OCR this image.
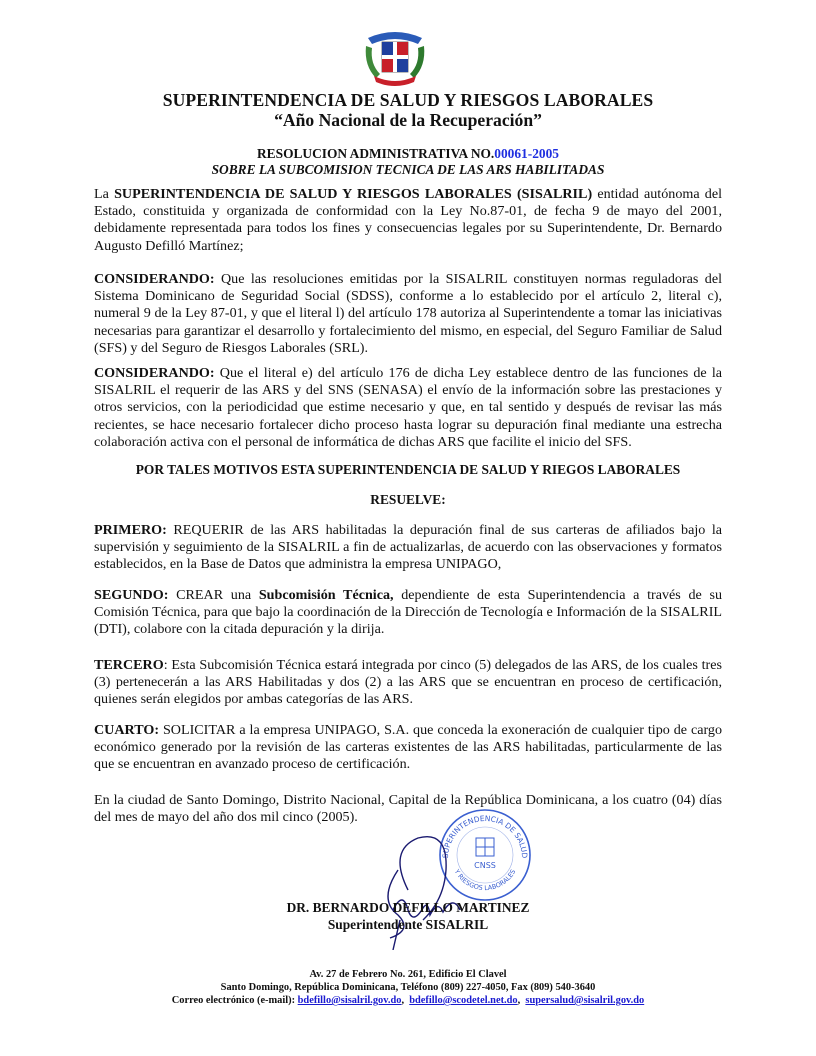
SUPERINTENDENCIA DE SALUD Y RIESGOS LABORALES
“Año Nacional de la Recuperación”
RESOLUCION ADMINISTRATIVA NO.00061-2005
SOBRE LA SUBCOMISION TECNICA DE LAS ARS HABILITADAS

La SUPERINTENDENCIA DE SALUD Y RIESGOS LABORALES (SISALRIL) entidad autónoma del Estado, constituida y organizada de conformidad con la Ley No.87-01, de fecha 9 de mayo del 2001, debidamente representada para todos los fines y consecuencias legales por su Superintendente, Dr. Bernardo Augusto Defilló Martínez;

CONSIDERANDO: Que las resoluciones emitidas por la SISALRIL constituyen normas reguladoras del Sistema Dominicano de Seguridad Social (SDSS), conforme a lo establecido por el artículo 2, literal c), numeral 9 de la Ley 87-01, y que el literal l) del artículo 178 autoriza al Superintendente a tomar las iniciativas necesarias para garantizar el desarrollo y fortalecimiento del mismo, en especial, del Seguro Familiar de Salud (SFS) y del Seguro de Riesgos Laborales (SRL).

CONSIDERANDO: Que el literal e) del artículo 176 de dicha Ley establece dentro de las funciones de la SISALRIL el requerir de las ARS y del SNS (SENASA) el envío de la información sobre las prestaciones y otros servicios, con la periodicidad que estime necesario y que, en tal sentido y después de revisar las más recientes, se hace necesario fortalecer dicho proceso hasta lograr su depuración final mediante una estrecha colaboración activa con el personal de informática de dichas ARS que facilite el inicio del SFS.

POR TALES MOTIVOS ESTA SUPERINTENDENCIA DE SALUD Y RIEGOS LABORALES
RESUELVE:

PRIMERO: REQUERIR de las ARS habilitadas la depuración final de sus carteras de afiliados bajo la supervisión y seguimiento de la SISALRIL a fin de actualizarlas, de acuerdo con las observaciones y formatos establecidos, en la Base de Datos que administra la empresa UNIPAGO,

SEGUNDO: CREAR una Subcomisión Técnica, dependiente de esta Superintendencia a través de su Comisión Técnica, para que bajo la coordinación de la Dirección de Tecnología e Información de la SISALRIL (DTI), colabore con la citada depuración y la dirija.

TERCERO: Esta Subcomisión Técnica estará integrada por cinco (5) delegados de las ARS, de los cuales tres (3) pertenecerán a las ARS Habilitadas y dos (2) a las ARS que se encuentran en proceso de certificación, quienes serán elegidos por ambas categorías de las ARS.

CUARTO: SOLICITAR a la empresa UNIPAGO, S.A. que conceda la exoneración de cualquier tipo de cargo económico generado por la revisión de las carteras existentes de las ARS habilitadas, particularmente de las que se encuentran en avanzado proceso de certificación.

En la ciudad de Santo Domingo, Distrito Nacional, Capital de la República Dominicana, a los cuatro (04) días del mes de mayo del año dos mil cinco (2005).

SUPERINTENDENCIA DE SALUD
Y RIESGOS LABORALES
CNSS
DR. BERNARDO DEFILLO MARTINEZ
Superintendente SISALRIL
Av. 27 de Febrero No. 261, Edificio El Clavel
Santo Domingo, República Dominicana, Teléfono (809) 227-4050, Fax (809) 540-3640
Correo electrónico (e-mail): bdefillo@sisalril.gov.do,  bdefillo@scodetel.net.do,  supersalud@sisalril.gov.do
